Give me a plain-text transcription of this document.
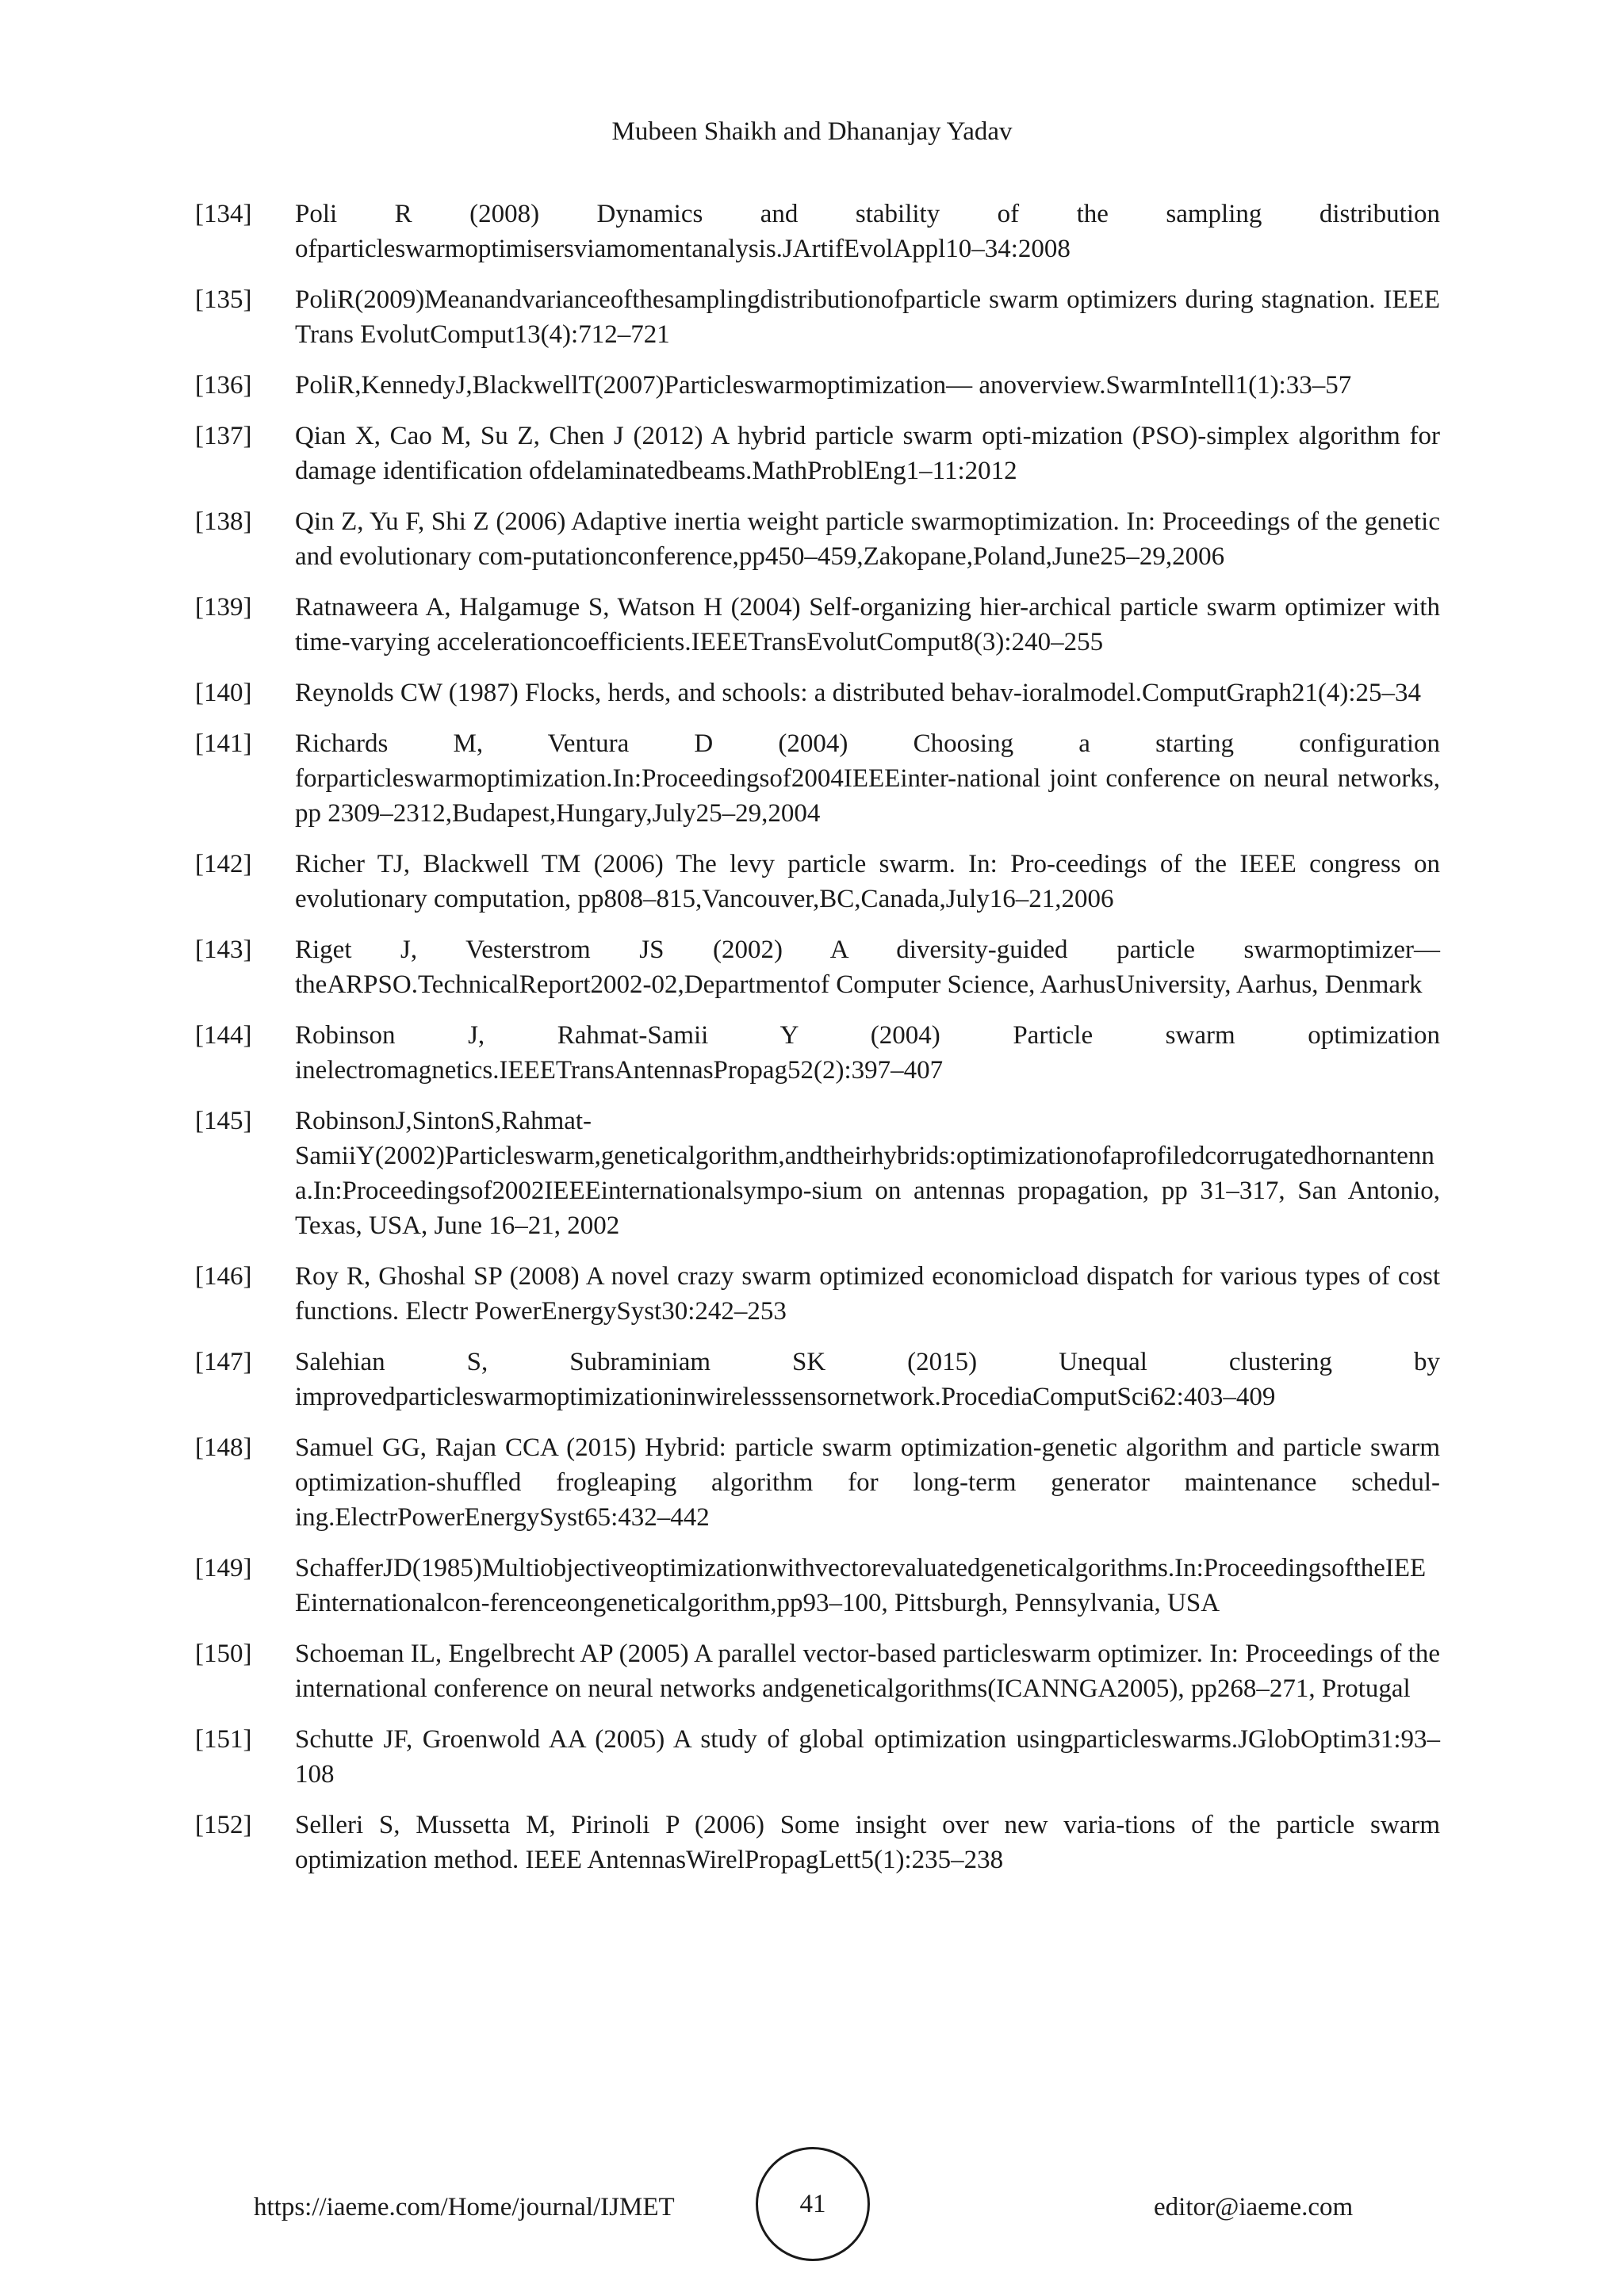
Mubeen Shaikh and Dhananjay Yadav
[134]	Poli R (2008) Dynamics and stability of the sampling distribution ofparticleswarmoptimisersviamomentanalysis.JArtifEvolAppl10–34:2008
[135]	PoliR(2009)Meanandvarianceofthesamplingdistributionofparticle swarm optimizers during stagnation. IEEE Trans EvolutComput13(4):712–721
[136]	PoliR,KennedyJ,BlackwellT(2007)Particleswarmoptimization— anoverview.SwarmIntell1(1):33–57
[137]	Qian X, Cao M, Su Z, Chen J (2012) A hybrid particle swarm opti-mization (PSO)-simplex algorithm for damage identification ofdelaminatedbeams.MathProblEng1–11:2012
[138]	Qin Z, Yu F, Shi Z (2006) Adaptive inertia weight particle swarmoptimization. In: Proceedings of the genetic and evolutionary com-putationconference,pp450–459,Zakopane,Poland,June25–29,2006
[139]	Ratnaweera A, Halgamuge S, Watson H (2004) Self-organizing hier-archical particle swarm optimizer with time-varying accelerationcoefficients.IEEETransEvolutComput8(3):240–255
[140]	Reynolds CW (1987) Flocks, herds, and schools: a distributed behav-ioralmodel.ComputGraph21(4):25–34
[141]	Richards M, Ventura D (2004) Choosing a starting configuration forparticleswarmoptimization.In:Proceedingsof2004IEEEinter-national joint conference on neural networks, pp 2309–2312,Budapest,Hungary,July25–29,2004
[142]	Richer TJ, Blackwell TM (2006) The levy particle swarm. In: Pro-ceedings of the IEEE congress on evolutionary computation, pp808–815,Vancouver,BC,Canada,July16–21,2006
[143]	Riget J, Vesterstrom JS (2002) A diversity-guided particle swarmoptimizer—theARPSO.TechnicalReport2002-02,Departmentof Computer Science, AarhusUniversity, Aarhus, Denmark
[144]	Robinson J, Rahmat-Samii Y (2004) Particle swarm optimization inelectromagnetics.IEEETransAntennasPropag52(2):397–407
[145]	RobinsonJ,SintonS,Rahmat-SamiiY(2002)Particleswarm,geneticalgorithm,andtheirhybrids:optimizationofaprofiledcorrugatedhornantenna.In:Proceedingsof2002IEEEinternationalsympo-sium on antennas propagation, pp 31–317, San Antonio, Texas, USA, June 16–21, 2002
[146]	Roy R, Ghoshal SP (2008) A novel crazy swarm optimized economicload dispatch for various types of cost functions. Electr PowerEnergySyst30:242–253
[147]	Salehian S, Subraminiam SK (2015) Unequal clustering by improvedparticleswarmoptimizationinwirelesssensornetwork.ProcediaComputSci62:403–409
[148]	Samuel GG, Rajan CCA (2015) Hybrid: particle swarm optimization-genetic algorithm and particle swarm optimization-shuffled frogleaping algorithm for long-term generator maintenance schedul-ing.ElectrPowerEnergySyst65:432–442
[149]	SchafferJD(1985)Multiobjectiveoptimizationwithvectorevaluatedgeneticalgorithms.In:ProceedingsoftheIEEEinternationalcon-ferenceongeneticalgorithm,pp93–100, Pittsburgh, Pennsylvania, USA
[150]	Schoeman IL, Engelbrecht AP (2005) A parallel vector-based particleswarm optimizer. In: Proceedings of the international conference on neural networks andgeneticalgorithms(ICANNGA2005), pp268–271, Protugal
[151]	Schutte JF, Groenwold AA (2005) A study of global optimization usingparticleswarms.JGlobOptim31:93–108
[152]	Selleri S, Mussetta M, Pirinoli P (2006) Some insight over new varia-tions of the particle swarm optimization method. IEEE AntennasWirelPropagLett5(1):235–238
https://iaeme.com/Home/journal/IJMET	41	editor@iaeme.com
